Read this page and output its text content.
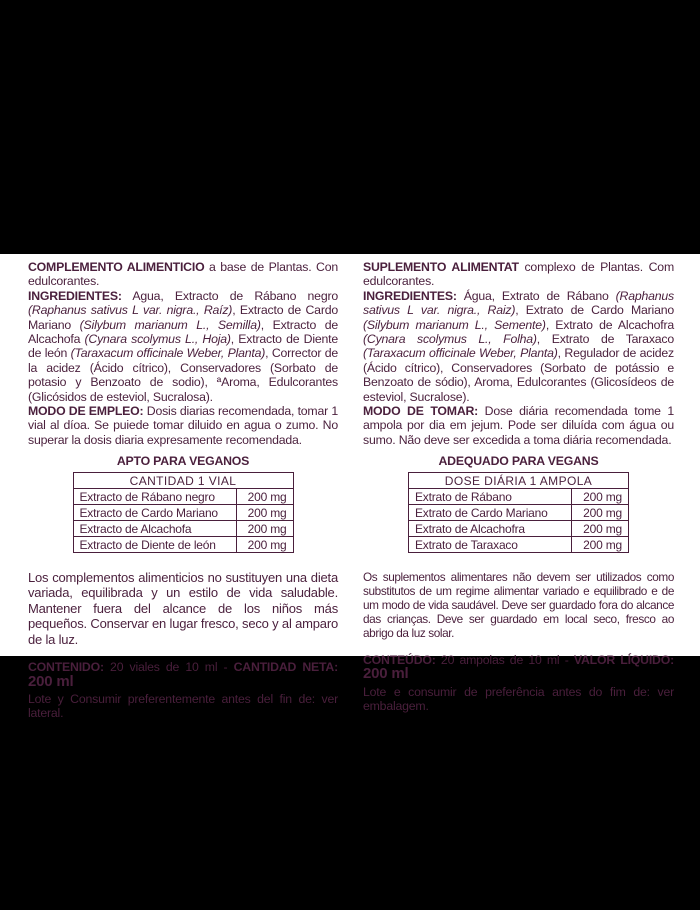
COMPLEMENTO ALIMENTICIO a base de Plantas. Con edulcorantes.

INGREDIENTES: Agua, Extracto de Rábano negro (Raphanus sativus L var. nigra., Raíz), Extracto de Cardo Mariano (Silybum marianum L., Semilla), Extracto de Alcachofa (Cynara scolymus L., Hoja), Extracto de Diente de león (Taraxacum officinale Weber, Planta), Corrector de la acidez (Ácido cítrico), Conservadores (Sorbato de potasio y Benzoato de sodio), ªAroma, Edulcorantes (Glicósidos de esteviol, Sucralosa).

MODO DE EMPLEO: Dosis diarias recomendada, tomar 1 vial al díoa. Se puiede tomar diluido en agua o zumo. No superar la dosis diaria expresamente recomendada.

APTO PARA VEGANOS
CANTIDAD 1 VIAL	
Extracto de Rábano negro	200 mg
Extracto de Cardo Mariano	200 mg
Extracto de Alcachofa	200 mg
Extracto de Diente de león	200 mg

Los complementos alimenticios no sustituyen una dieta variada, equilibrada y un estilo de vida saludable. Mantener fuera del alcance de los niños más pequeños. Conservar en lugar fresco, seco y al amparo de la luz.

CONTENIDO: 20 viales de 10 ml - CANTIDAD NETA: 200 ml

Lote y Consumir preferentemente antes del fin de: ver lateral.

SUPLEMENTO ALIMENTAT complexo de Plantas. Com edulcorantes.

INGREDIENTES: Água, Extrato de Rábano (Raphanus sativus L var. nigra., Raiz), Extrato de Cardo Mariano (Silybum marianum L., Semente), Extrato de Alcachofra (Cynara scolymus L., Folha), Extrato de Taraxaco (Taraxacum officinale Weber, Planta), Regulador de acidez (Ácido cítrico), Conservadores (Sorbato de potássio e Benzoato de sódio), Aroma, Edulcorantes (Glicosídeos de esteviol, Sucralose).

MODO DE TOMAR: Dose diária recomendada tome 1 ampola por dia em jejum. Pode ser diluída com água ou sumo. Não deve ser excedida a toma diária recomendada.

ADEQUADO PARA VEGANS
DOSE DIÁRIA 1 AMPOLA	
Extrato de Rábano	200 mg
Extrato de Cardo Mariano	200 mg
Extrato de Alcachofra	200 mg
Extrato de Taraxaco	200 mg

Os suplementos alimentares não devem ser utilizados como substitutos de um regime alimentar variado e equilibrado e de um modo de vida saudável. Deve ser guardado fora do alcance das crianças. Deve ser guardado em local seco, fresco ao abrigo da luz solar.

CONTEÚDO: 20 ampolas de 10 ml - VALOR LÍQUIDO: 200 ml

Lote e consumir de preferência antes do fim de: ver embalagem.
